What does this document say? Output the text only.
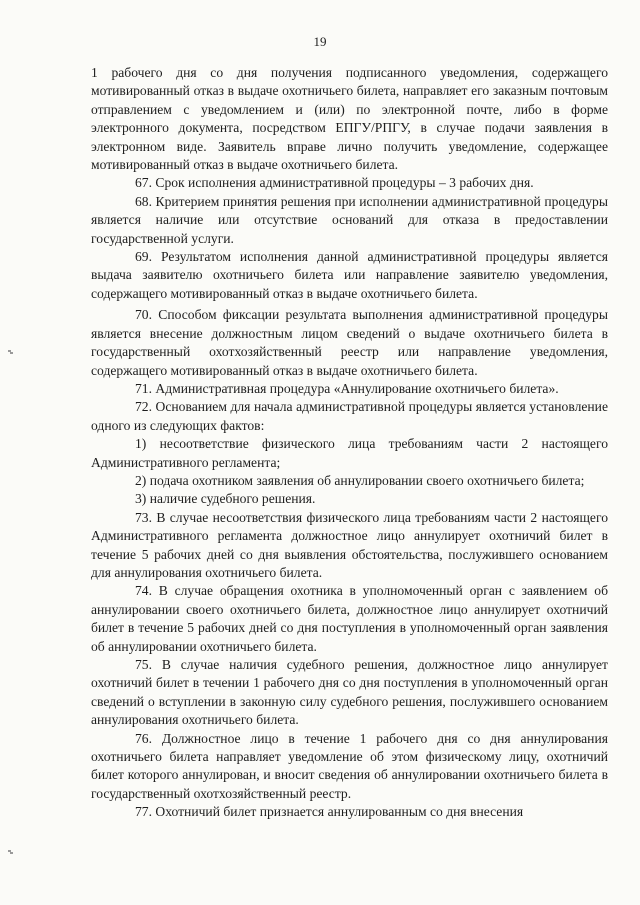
19

1 рабочего дня со дня получения подписанного уведомления, содержащего мотивированный отказ в выдаче охотничьего билета, направляет его заказным почтовым отправлением с уведомлением и (или) по электронной почте, либо в форме электронного документа, посредством ЕПГУ/РПГУ, в случае подачи заявления в электронном виде. Заявитель вправе лично получить уведомление, содержащее мотивированный отказ в выдаче охотничьего билета.

67. Срок исполнения административной процедуры – 3 рабочих дня.

68. Критерием принятия решения при исполнении административной процедуры является наличие или отсутствие оснований для отказа в предоставлении государственной услуги.

69. Результатом исполнения данной административной процедуры является выдача заявителю охотничьего билета или направление заявителю уведомления, содержащего мотивированный отказ в выдаче охотничьего билета.

70. Способом фиксации результата выполнения административной процедуры является внесение должностным лицом сведений о выдаче охотничьего билета в государственный охотхозяйственный реестр или направление уведомления, содержащего мотивированный отказ в выдаче охотничьего билета.

71. Административная процедура «Аннулирование охотничьего билета».

72. Основанием для начала административной процедуры является установление одного из следующих фактов:

1) несоответствие физического лица требованиям части 2 настоящего Административного регламента;

2) подача охотником заявления об аннулировании своего охотничьего билета;

3) наличие судебного решения.

73. В случае несоответствия физического лица требованиям части 2 настоящего Административного регламента должностное лицо аннулирует охотничий билет в течение 5 рабочих дней со дня выявления обстоятельства, послужившего основанием для аннулирования охотничьего билета.

74. В случае обращения охотника в уполномоченный орган с заявлением об аннулировании своего охотничьего билета, должностное лицо аннулирует охотничий билет в течение 5 рабочих дней со дня поступления в уполномоченный орган заявления об аннулировании охотничьего билета.

75. В случае наличия судебного решения, должностное лицо аннулирует охотничий билет в течении 1 рабочего дня со дня поступления в уполномоченный орган сведений о вступлении в законную силу судебного решения, послужившего основанием аннулирования охотничьего билета.

76. Должностное лицо в течение 1 рабочего дня со дня аннулирования охотничьего билета направляет уведомление об этом физическому лицу, охотничий билет которого аннулирован, и вносит сведения об аннулировании охотничьего билета в государственный охотхозяйственный реестр.

77. Охотничий билет признается аннулированным со дня внесения
